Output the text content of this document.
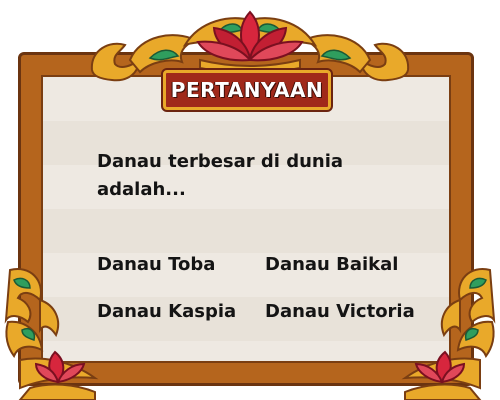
PERTANYAAN
Danau terbesar di dunia adalah...
Danau Toba	Danau Baikal
Danau Kaspia Danau Victoria
